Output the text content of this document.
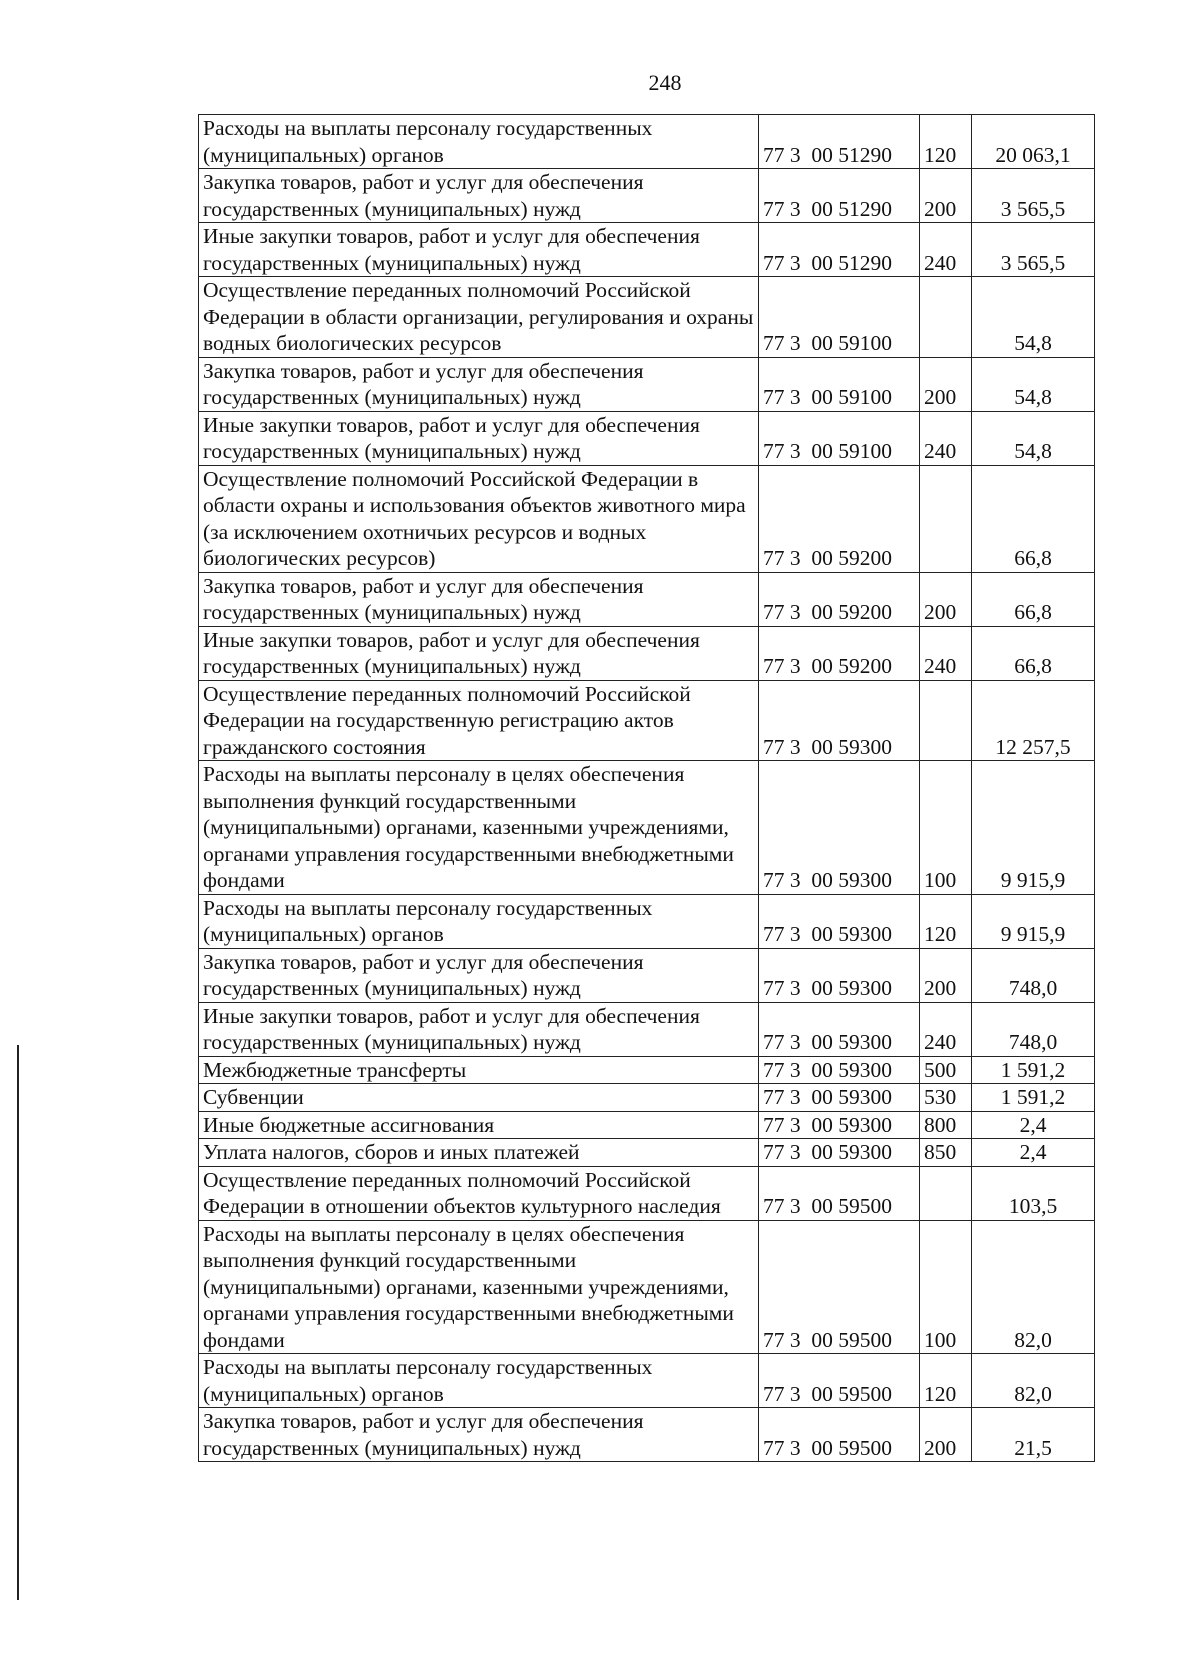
248
Расходы на выплаты персоналу государственных (муниципальных) органов	77 3  00 51290	120	20 063,1
Закупка товаров, работ и услуг для обеспечения государственных (муниципальных) нужд	77 3  00 51290	200	3 565,5
Иные закупки товаров, работ и услуг для обеспечения государственных (муниципальных) нужд	77 3  00 51290	240	3 565,5
Осуществление переданных полномочий Российской Федерации в области организации, регулирования и охраны водных биологических ресурсов	77 3  00 59100		54,8
Закупка товаров, работ и услуг для обеспечения государственных (муниципальных) нужд	77 3  00 59100	200	54,8
Иные закупки товаров, работ и услуг для обеспечения государственных (муниципальных) нужд	77 3  00 59100	240	54,8
Осуществление полномочий Российской Федерации в области охраны и использования объектов животного мира (за исключением охотничьих ресурсов и водных биологических ресурсов)	77 3  00 59200		66,8
Закупка товаров, работ и услуг для обеспечения государственных (муниципальных) нужд	77 3  00 59200	200	66,8
Иные закупки товаров, работ и услуг для обеспечения государственных (муниципальных) нужд	77 3  00 59200	240	66,8
Осуществление переданных полномочий Российской Федерации на государственную регистрацию актов гражданского состояния	77 3  00 59300		12 257,5
Расходы на выплаты персоналу в целях обеспечения выполнения функций государственными (муниципальными) органами, казенными учреждениями, органами управления государственными внебюджетными фондами	77 3  00 59300	100	9 915,9
Расходы на выплаты персоналу государственных (муниципальных) органов	77 3  00 59300	120	9 915,9
Закупка товаров, работ и услуг для обеспечения государственных (муниципальных) нужд	77 3  00 59300	200	748,0
Иные закупки товаров, работ и услуг для обеспечения государственных (муниципальных) нужд	77 3  00 59300	240	748,0
Межбюджетные трансферты	77 3  00 59300	500	1 591,2
Субвенции	77 3  00 59300	530	1 591,2
Иные бюджетные ассигнования	77 3  00 59300	800	2,4
Уплата налогов, сборов и иных платежей	77 3  00 59300	850	2,4
Осуществление переданных полномочий Российской Федерации в отношении объектов культурного наследия	77 3  00 59500		103,5
Расходы на выплаты персоналу в целях обеспечения выполнения функций государственными (муниципальными) органами, казенными учреждениями, органами управления государственными внебюджетными фондами	77 3  00 59500	100	82,0
Расходы на выплаты персоналу государственных (муниципальных) органов	77 3  00 59500	120	82,0
Закупка товаров, работ и услуг для обеспечения государственных (муниципальных) нужд	77 3  00 59500	200	21,5
